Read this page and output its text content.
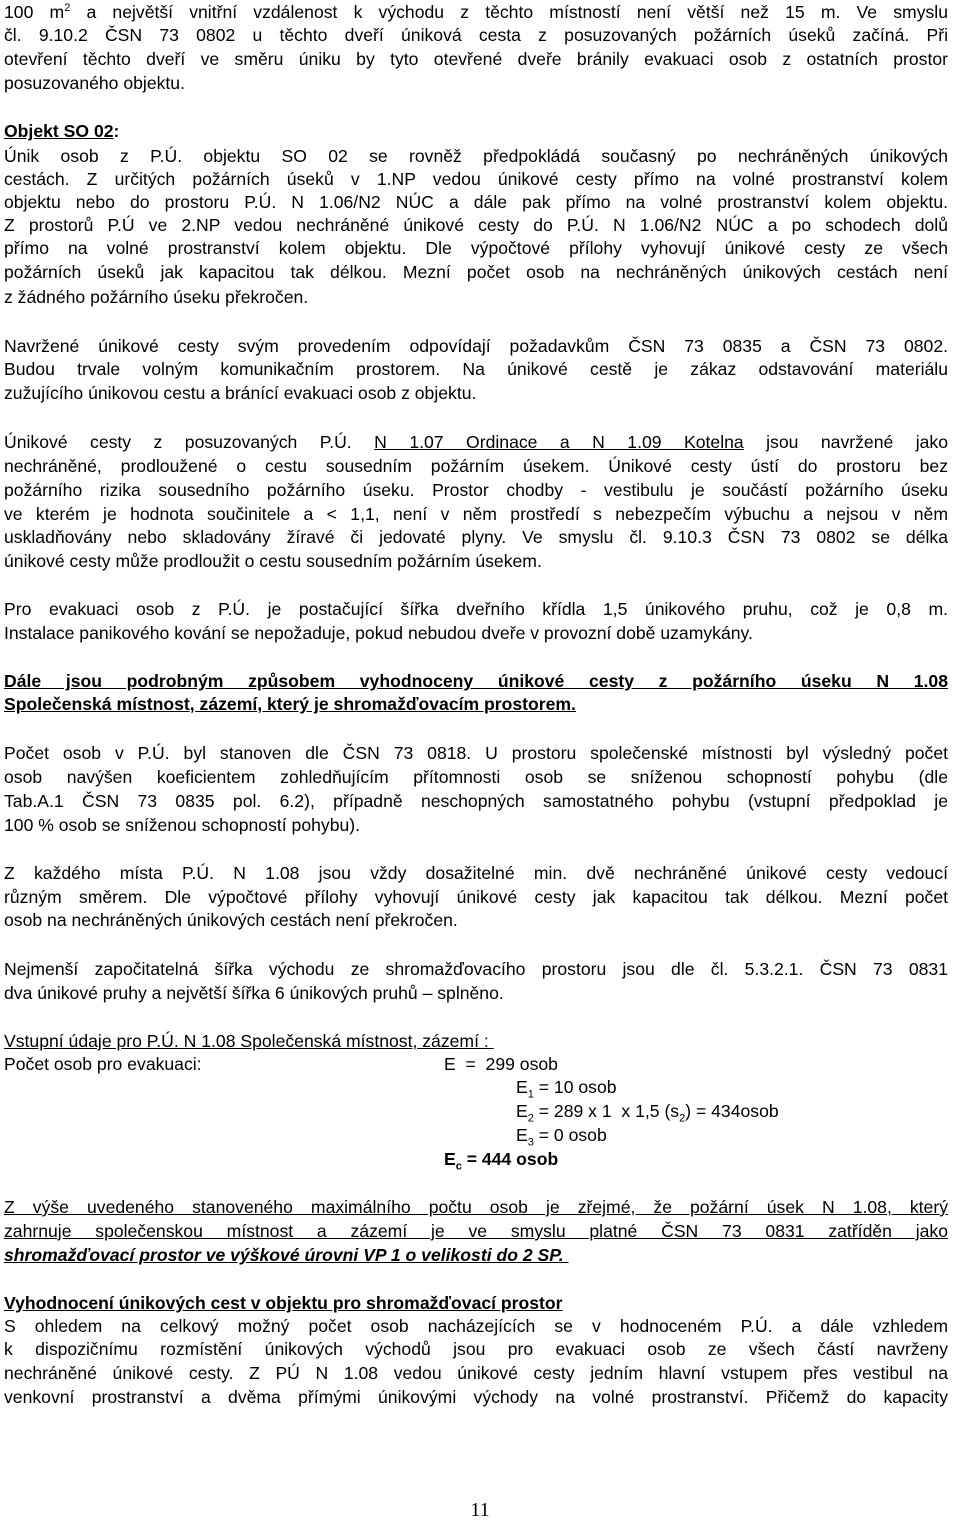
100 $m^2$ a největší vnitřní vzdálenost k východu z těchto místností není větší než 15 m. Ve smyslu
čl. 9.10.2 ČSN 73 0802 u těchto dveří úniková cesta z posuzovaných požárních úseků začíná. Při
otevření těchto dveří ve směru úniku by tyto otevřené dveře bránily evakuaci osob z ostatních prostor
posuzovaného objektu.
Objekt SO 02:
Únik osob z P.Ú. objektu SO 02 se rovněž předpokládá současný po nechráněných únikových
cestách. Z určitých požárních úseků v 1.NP vedou únikové cesty přímo na volné prostranství kolem
objektu nebo do prostoru P.Ú. N 1.06/N2 NÚC a dále pak přímo na volné prostranství kolem objektu.
Z prostorů P.Ú ve 2.NP vedou nechráněné únikové cesty do P.Ú. N 1.06/N2 NÚC a po schodech dolů
přímo na volné prostranství kolem objektu. Dle výpočtové přílohy vyhovují únikové cesty ze všech
požárních úseků jak kapacitou tak délkou. Mezní počet osob na nechráněných únikových cestách není
z žádného požárního úseku překročen.
Navržené únikové cesty svým provedením odpovídají požadavkům ČSN 73 0835 a ČSN 73 0802.
Budou trvale volným komunikačním prostorem. Na únikové cestě je zákaz odstavování materiálu
zužujícího únikovou cestu a bránící evakuaci osob z objektu.
Únikové cesty z posuzovaných P.Ú. N 1.07 Ordinace a N 1.09 Kotelna jsou navržené jako
nechráněné, prodloužené o cestu sousedním požárním úsekem. Únikové cesty ústí do prostoru bez
požárního rizika sousedního požárního úseku. Prostor chodby - vestibulu je součástí požárního úseku
ve kterém je hodnota součinitele a < 1,1, není v něm prostředí s nebezpečím výbuchu a nejsou v něm
uskladňovány nebo skladovány žíravé či jedovaté plyny. Ve smyslu čl. 9.10.3 ČSN 73 0802 se délka
únikové cesty může prodloužit o cestu sousedním požárním úsekem.
Pro evakuaci osob z P.Ú. je postačující šířka dveřního křídla 1,5 únikového pruhu, což je 0,8 m.
Instalace panikového kování se nepožaduje, pokud nebudou dveře v provozní době uzamykány.
Dále jsou podrobným způsobem vyhodnoceny únikové cesty z požárního úseku N 1.08
Společenská místnost, zázemí, který je shromažďovacím prostorem.
Počet osob v P.Ú. byl stanoven dle ČSN 73 0818. U prostoru společenské místnosti byl výsledný počet
osob navýšen koeficientem zohledňujícím přítomnosti osob se sníženou schopností pohybu (dle
Tab.A.1 ČSN 73 0835 pol. 6.2), případně neschopných samostatného pohybu (vstupní předpoklad je
100 % osob se sníženou schopností pohybu).
Z každého místa P.Ú. N 1.08 jsou vždy dosažitelné min. dvě nechráněné únikové cesty vedoucí
různým směrem. Dle výpočtové přílohy vyhovují únikové cesty jak kapacitou tak délkou. Mezní počet
osob na nechráněných únikových cestách není překročen.
Nejmenší započitatelná šířka východu ze shromažďovacího prostoru jsou dle čl. 5.3.2.1. ČSN 73 0831
dva únikové pruhy a největší šířka 6 únikových pruhů – splněno.
Vstupní údaje pro P.Ú. N 1.08 Společenská místnost, zázemí :
Počet osob pro evakuaci:	E  =  299 osob
$E_1 = 10$ osob
$E_2 = 289$ x 1  x 1,5 $(s_2)$ = 434osob
$E_3 = 0$ osob
$E_c = 444$ osob
Z výše uvedeného stanoveného maximálního počtu osob je zřejmé, že požární úsek N 1.08, který
zahrnuje společenskou místnost a zázemí je ve smyslu platné ČSN 73 0831 zatříděn jako
shromažďovací prostor ve výškové úrovni VP 1 o velikosti do 2 SP.
Vyhodnocení únikových cest v objektu pro shromažďovací prostor
S ohledem na celkový možný počet osob nacházejících se v hodnoceném P.Ú. a dále vzhledem
k dispozičnímu rozmístění únikových východů jsou pro evakuaci osob ze všech částí navrženy
nechráněné únikové cesty. Z PÚ N 1.08 vedou únikové cesty jedním hlavní vstupem přes vestibul na
venkovní prostranství a dvěma přímými únikovými východy na volné prostranství. Přičemž do kapacity
11
